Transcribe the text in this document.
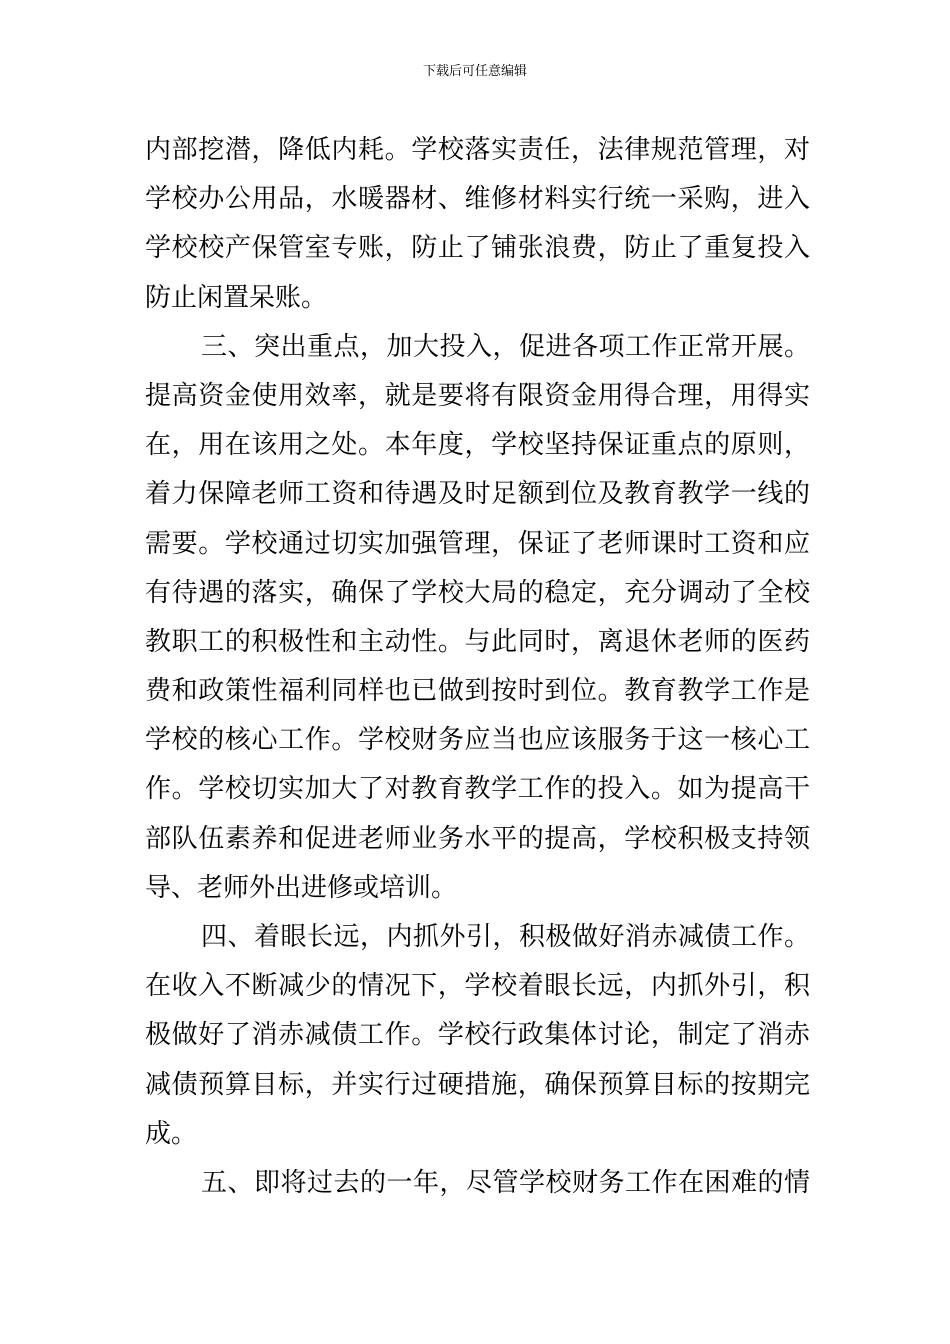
下载后可任意编辑
内部挖潜，降低内耗。学校落实责任，法律规范管理，对
学校办公用品，水暖器材、维修材料实行统一采购，进入
学校校产保管室专账，防止了铺张浪费，防止了重复投入
防止闲置呆账。
三、突出重点，加大投入，促进各项工作正常开展。
提高资金使用效率，就是要将有限资金用得合理，用得实
在，用在该用之处。本年度，学校坚持保证重点的原则，
着力保障老师工资和待遇及时足额到位及教育教学一线的
需要。学校通过切实加强管理，保证了老师课时工资和应
有待遇的落实，确保了学校大局的稳定，充分调动了全校
教职工的积极性和主动性。与此同时，离退休老师的医药
费和政策性福利同样也已做到按时到位。教育教学工作是
学校的核心工作。学校财务应当也应该服务于这一核心工
作。学校切实加大了对教育教学工作的投入。如为提高干
部队伍素养和促进老师业务水平的提高，学校积极支持领
导、老师外出进修或培训。
四、着眼长远，内抓外引，积极做好消赤减债工作。
在收入不断减少的情况下，学校着眼长远，内抓外引，积
极做好了消赤减债工作。学校行政集体讨论，制定了消赤
减债预算目标，并实行过硬措施，确保预算目标的按期完
成。
五、即将过去的一年，尽管学校财务工作在困难的情
